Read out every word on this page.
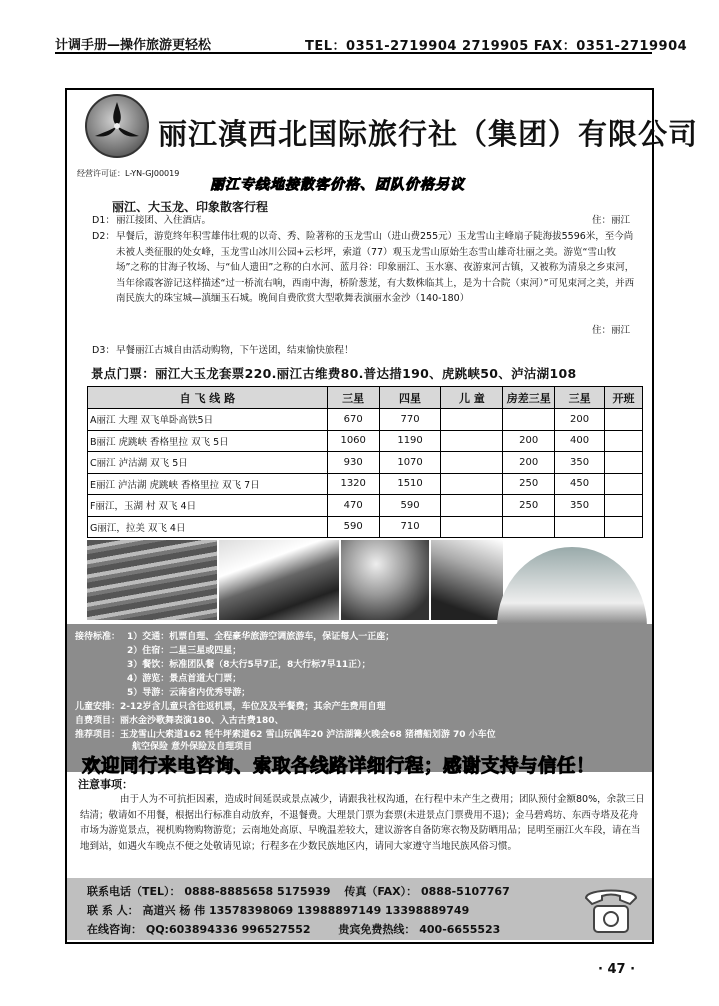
计调手册—操作旅游更轻松	TEL：0351-2719904 2719905 FAX：0351-2719904
丽江滇西北国际旅行社（集团）有限公司
经营许可证：L-YN-GJ00019
丽江专线地接散客价格、团队价格另议
丽江、大玉龙、印象散客行程
D1： 丽江接团、入住酒店。	住：丽江
D2： 早餐后，游览终年积雪雄伟壮观的以奇、秀、险著称的玉龙雪山（进山费255元）玉龙雪山主峰扇子陡海拔5596米，至今尚未被人类征服的处女峰，玉龙雪山冰川公园+云杉坪，索道（77）观玉龙雪山原始生态雪山雄奇壮丽之美。游览“雪山牧场”之称的甘海子牧场、与“仙人遗田”之称的白水河、蓝月谷：印象丽江、玉水寨、夜游束河古镇，又被称为清泉之乡束河，当年徐霞客游记这样描述“过一桥流右响，西南中海，桥阶葱茏，有大数株临其上，是为十合院（束河）”可见束河之美，并西南民族大的珠宝城—滇缅玉石城。晚间自费欣赏大型歌舞表演丽水金沙（140-180）
住：丽江
D3： 早餐丽江古城自由活动购物，下午送团，结束愉快旅程！
景点门票：丽江大玉龙套票220.丽江古维费80.普达措190、虎跳峡50、泸沽湖108
自 飞 线 路	三星	四星	儿 童	房差三星	三星	开班
A丽江 大理 双飞单卧高铁5日	670	770			200	
B丽江 虎跳峡 香格里拉 双飞 5日	1060	1190		200	400	
C丽江 泸沽湖 双飞 5日	930	1070		200	350	
E丽江 泸沽湖 虎跳峡 香格里拉 双飞 7日	1320	1510		250	450	
F丽江，玉湖 村 双飞 4日	470	590		250	350	
G丽江，拉美 双飞 4日	590	710				
接待标准： 1）交通：机票自理、全程豪华旅游空调旅游车，保证每人一正座；
2）住宿：二星三星或四星；
3）餐饮：标准团队餐（8大行5早7正，8大行标7早11正）；
4）游览：景点首道大门票；
5）导游：云南省内优秀导游；
儿童安排：2-12岁含儿童只含往返机票，车位及及半餐费；其余产生费用自理
自费项目：丽水金沙歌舞表演180、入古古费180、
推荐项目：玉龙雪山大索道162 牦牛坪索道62 雪山玩偶车20 泸沽湖篝火晚会68 猪槽船划游 70 小车位
航空保险 意外保险及自理项目
欢迎同行来电咨询、索取各线路详细行程；感谢支持与信任！
注意事项：
由于人为不可抗拒因素，造成时间延误或景点减少，请跟我社权沟通，在行程中未产生之费用；团队预付金额80%，余款三日结清；敬请如不用餐，根据出行标准自动放弃，不退餐费。大理景门票为套票(未进景点门票费用不退)；金马碧鸡坊、东西寺塔及花舟市场为游览景点，视机购物购物游览；云南地处高原、早晚温差较大，建议游客自备防寒衣物及防晒用品；昆明至丽江火车段，请在当地到站，如遇火车晚点不便之处敬请见谅；行程多在少数民族地区内，请同大家遵守当地民族风俗习惯。
联系电话（TEL）： 0888-8885658 5175939 传真（FAX）： 0888-5107767
联 系 人： 高道兴 杨 伟 13578398069 13988897149 13398889749
在线咨询： QQ:603894336 996527552	贵宾免费热线： 400-6655523
· 47 ·
